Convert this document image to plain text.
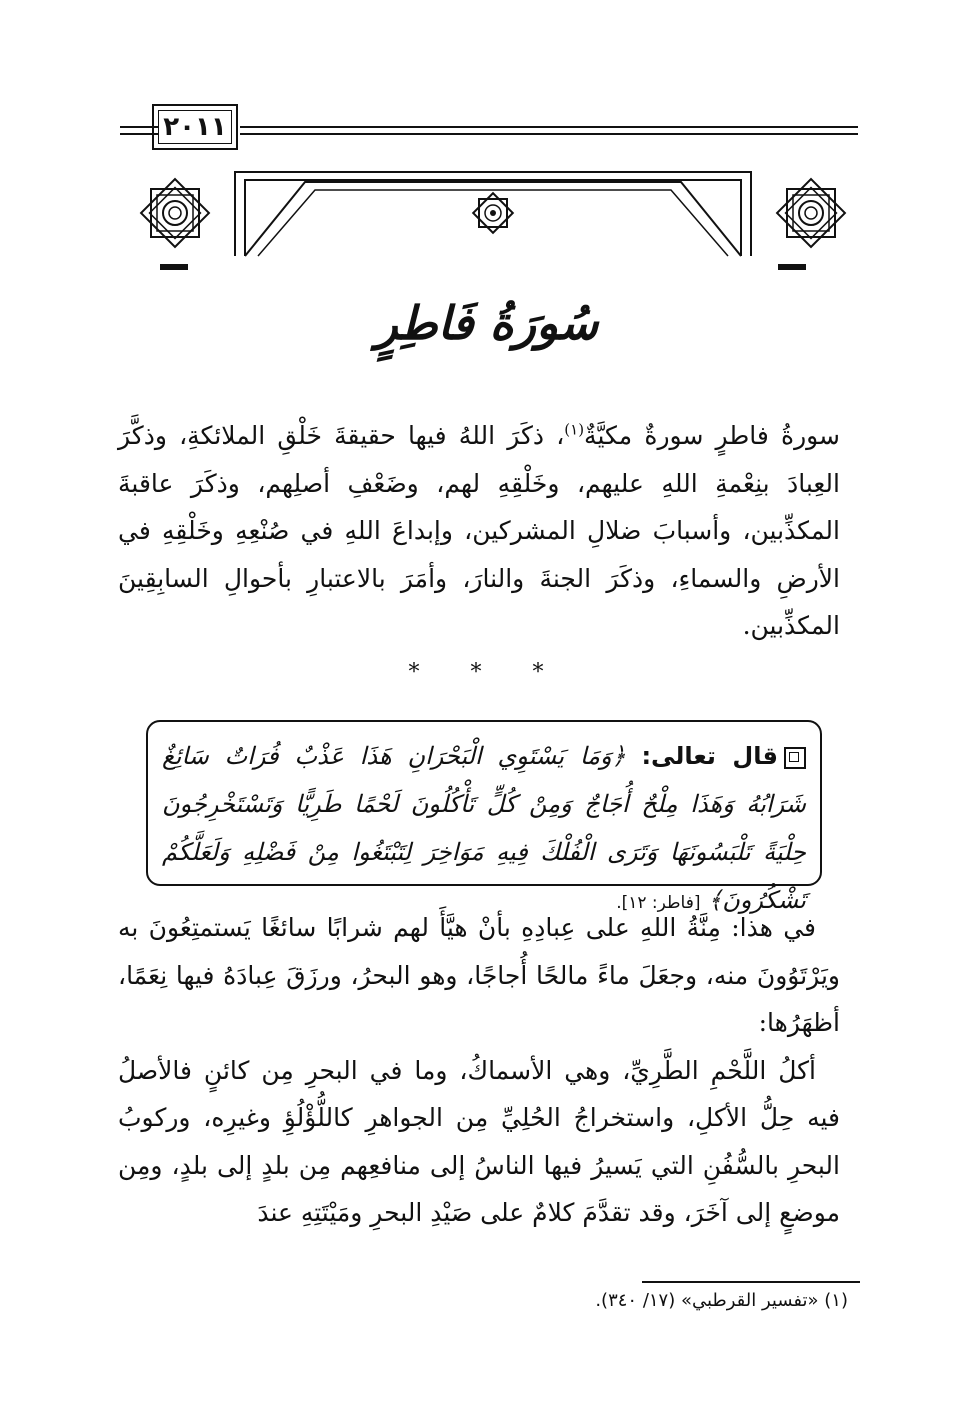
٢٠١١
سُورَةُ فَاطِرٍ
سورةُ فاطرٍ سورةٌ مكيَّةٌ$^{(١)}$، ذكَرَ اللهُ فيها حقيقةَ خَلْقِ الملائكةِ، وذكَّرَ العِبادَ بنِعْمةِ اللهِ عليهم، وخَلْقِهِ لهم، وضَعْفِ أصلِهم، وذكَرَ عاقبةَ المكذِّبين، وأسبابَ ضلالِ المشركين، وإبداعَ اللهِ في صُنْعِهِ وخَلْقِهِ في الأرضِ والسماءِ، وذكَرَ الجنةَ والنارَ، وأمَرَ بالاعتبارِ بأحوالِ السابِقِينَ المكذِّبين.
* * *
قال تعالى: ﴿وَمَا يَسْتَوِي الْبَحْرَانِ هَذَا عَذْبٌ فُرَاتٌ سَائِغٌ شَرَابُهُ وَهَذَا مِلْحٌ أُجَاجٌ وَمِنْ كُلٍّ تَأْكُلُونَ لَحْمًا طَرِيًّا وَتَسْتَخْرِجُونَ حِلْيَةً تَلْبَسُونَهَا وَتَرَى الْفُلْكَ فِيهِ مَوَاخِرَ لِتَبْتَغُوا مِنْ فَضْلِهِ وَلَعَلَّكُمْ تَشْكُرُونَ﴾ [فاطر: ١٢].

في هذا: مِنَّةُ اللهِ على عِبادِهِ بأنْ هيَّأَ لهم شرابًا سائغًا يَستمتِعُونَ به ويَرْتَوُونَ منه، وجعَلَ ماءً مالحًا أُجاجًا، وهو البحرُ، ورزَقَ عِبادَهُ فيها نِعَمًا، أظهَرُها:

أكلُ اللَّحْمِ الطَّرِيِّ، وهي الأسماكُ، وما في البحرِ مِن كائنٍ فالأصلُ فيه حِلُّ الأكلِ، واستخراجُ الحُلِيِّ مِن الجواهرِ كاللُّؤْلُؤِ وغيرِه، وركوبُ البحرِ بالسُّفُنِ التي يَسيرُ فيها الناسُ إلى منافعِهم مِن بلدٍ إلى بلدٍ، ومِن موضعٍ إلى آخَرَ، وقد تقدَّمَ كلامٌ على صَيْدِ البحرِ ومَيْتَتِهِ عندَ

(١) «تفسير القرطبي» (١٧/ ٣٤٠).
